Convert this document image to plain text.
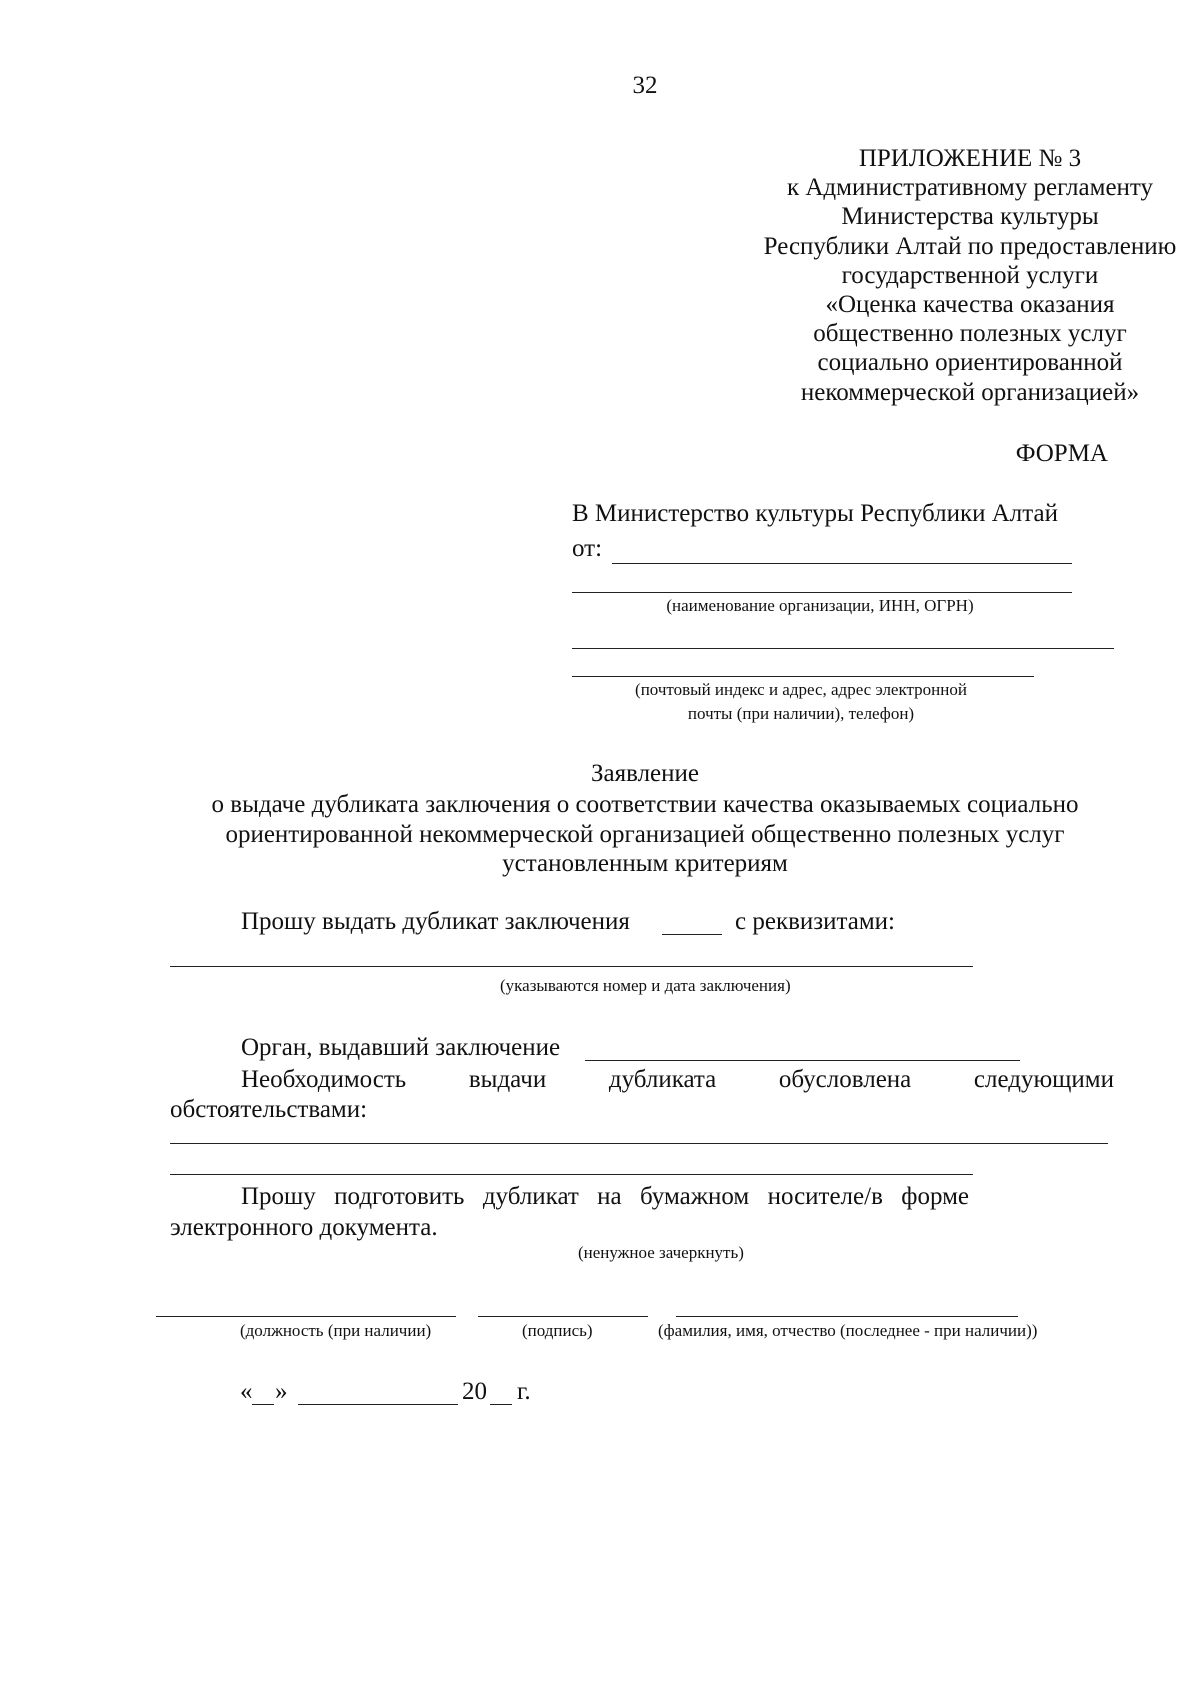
32
ПРИЛОЖЕНИЕ № 3
к Административному регламенту
Министерства культуры
Республики Алтай по предоставлению
государственной услуги
«Оценка качества оказания
общественно полезных услуг
социально ориентированной
некоммерческой организацией»
ФОРМА
В Министерство культуры Республики Алтай
от:
(наименование организации, ИНН, ОГРН)
(почтовый индекс и адрес, адрес электронной
почты (при наличии), телефон)
Заявление
о выдаче дубликата заключения о соответствии качества оказываемых социально ориентированной некоммерческой организацией общественно полезных услуг установленным критериям
Прошу выдать дубликат заключения	с реквизитами:
(указываются номер и дата заключения)
Орган, выдавший заключение
Необходимость	выдачи	дубликата	обусловлена	следующими
обстоятельствами:
Прошу подготовить дубликат на бумажном носителе/в форме
электронного документа.
(ненужное зачеркнуть)
(должность (при наличии)	(подпись)	(фамилия, имя, отчество (последнее - при наличии))
« »	20 г.
